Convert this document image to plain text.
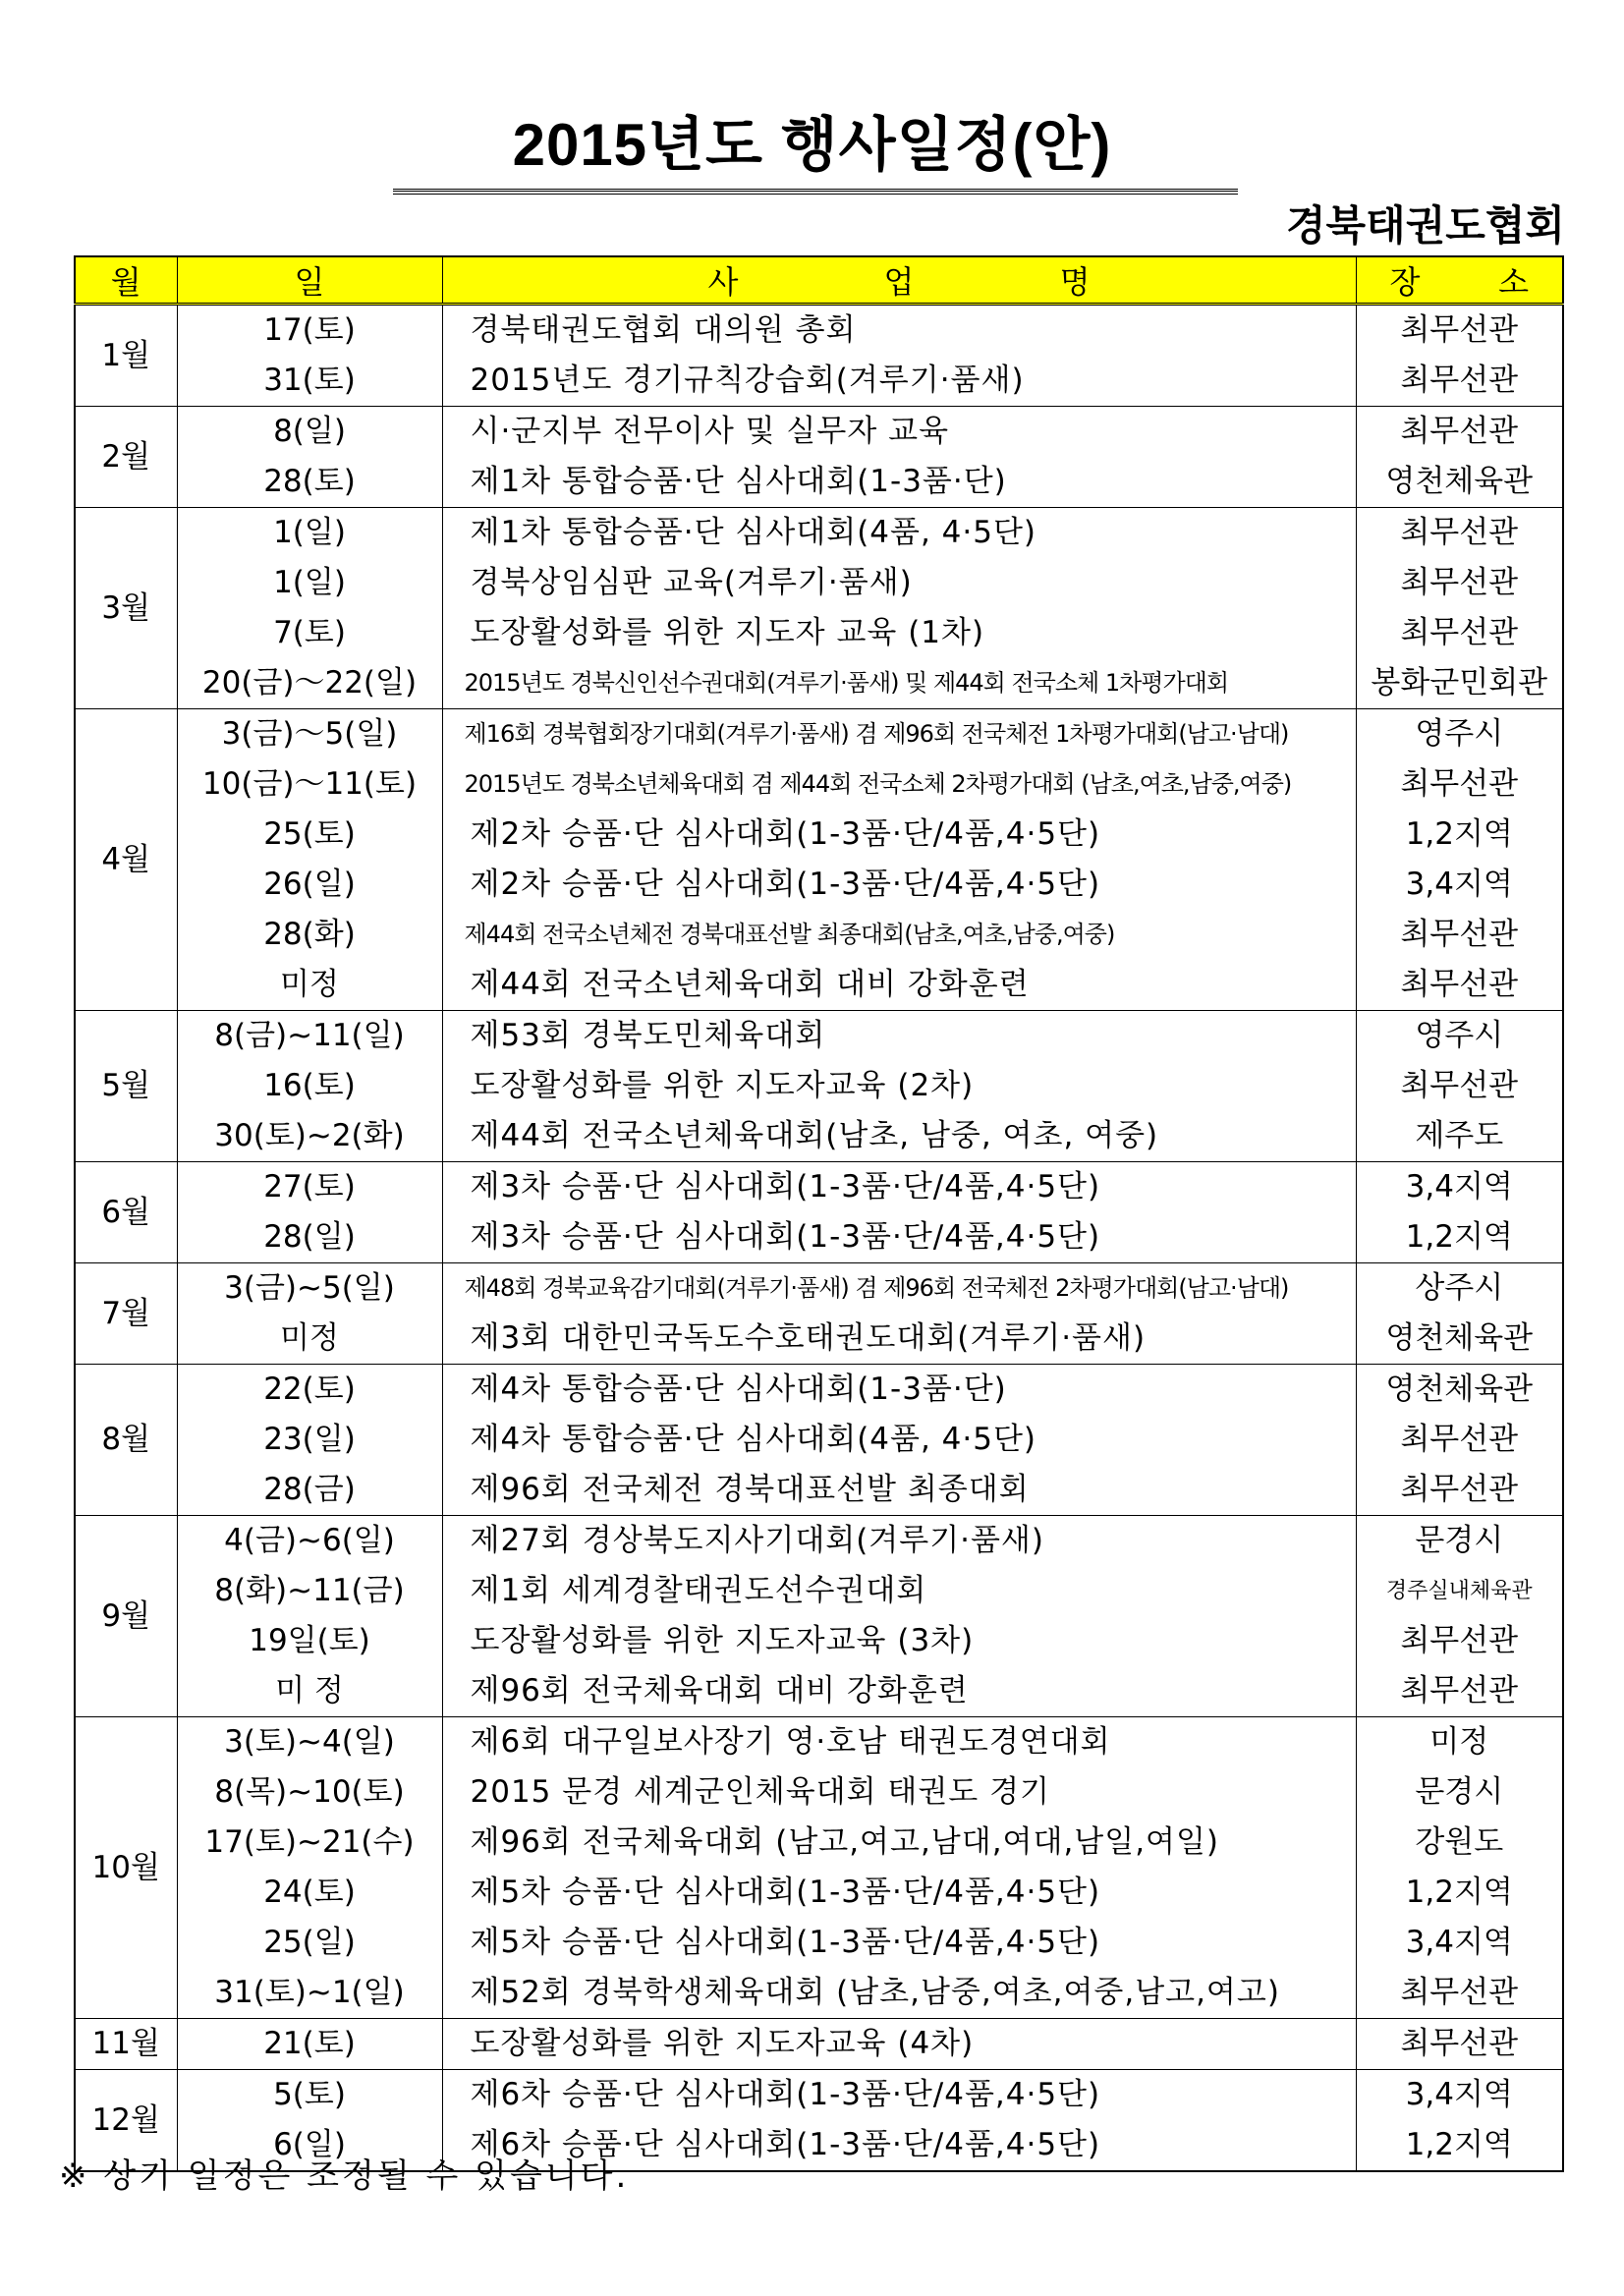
2015년도 행사일정(안)
경북태권도협회
월	일	사 업 명	장 소

1월	17(토)	경북태권도협회 대의원 총회	최무선관
	31(토)	2015년도 경기규칙강습회(겨루기·품새)	최무선관
2월	8(일)	시·군지부 전무이사 및 실무자 교육	최무선관
	28(토)	제1차 통합승품·단 심사대회(1-3품·단)	영천체육관
3월	1(일)	제1차 통합승품·단 심사대회(4품, 4·5단)	최무선관
	1(일)	경북상임심판 교육(겨루기·품새)	최무선관
	7(토)	도장활성화를 위한 지도자 교육 (1차)	최무선관
	20(금)～22(일)	2015년도 경북신인선수권대회(겨루기·품새) 및 제44회 전국소체 1차평가대회	봉화군민회관
4월	3(금)～5(일)	제16회 경북협회장기대회(겨루기·품새) 겸 제96회 전국체전 1차평가대회(남고·남대)	영주시
	10(금)～11(토)	2015년도 경북소년체육대회 겸 제44회 전국소체 2차평가대회 (남초,여초,남중,여중)	최무선관
	25(토)	제2차 승품·단 심사대회(1-3품·단/4품,4·5단)	1,2지역
	26(일)	제2차 승품·단 심사대회(1-3품·단/4품,4·5단)	3,4지역
	28(화)	제44회 전국소년체전 경북대표선발 최종대회(남초,여초,남중,여중)	최무선관
	미정	제44회 전국소년체육대회 대비 강화훈련	최무선관
5월	8(금)~11(일)	제53회 경북도민체육대회	영주시
	16(토)	도장활성화를 위한 지도자교육 (2차)	최무선관
	30(토)~2(화)	제44회 전국소년체육대회(남초, 남중, 여초, 여중)	제주도
6월	27(토)	제3차 승품·단 심사대회(1-3품·단/4품,4·5단)	3,4지역
	28(일)	제3차 승품·단 심사대회(1-3품·단/4품,4·5단)	1,2지역
7월	3(금)~5(일)	제48회 경북교육감기대회(겨루기·품새) 겸 제96회 전국체전 2차평가대회(남고·남대)	상주시
	미정	제3회 대한민국독도수호태권도대회(겨루기·품새)	영천체육관
8월	22(토)	제4차 통합승품·단 심사대회(1-3품·단)	영천체육관
	23(일)	제4차 통합승품·단 심사대회(4품, 4·5단)	최무선관
	28(금)	제96회 전국체전 경북대표선발 최종대회	최무선관
9월	4(금)~6(일)	제27회 경상북도지사기대회(겨루기·품새)	문경시
	8(화)~11(금)	제1회 세계경찰태권도선수권대회	경주실내체육관
	19일(토)	도장활성화를 위한 지도자교육 (3차)	최무선관
	미 정	제96회 전국체육대회 대비 강화훈련	최무선관
10월	3(토)~4(일)	제6회 대구일보사장기 영·호남 태권도경연대회	미정
	8(목)~10(토)	2015 문경 세계군인체육대회 태권도 경기	문경시
	17(토)~21(수)	제96회 전국체육대회 (남고,여고,남대,여대,남일,여일)	강원도
	24(토)	제5차 승품·단 심사대회(1-3품·단/4품,4·5단)	1,2지역
	25(일)	제5차 승품·단 심사대회(1-3품·단/4품,4·5단)	3,4지역
	31(토)~1(일)	제52회 경북학생체육대회 (남초,남중,여초,여중,남고,여고)	최무선관
11월	21(토)	도장활성화를 위한 지도자교육 (4차)	최무선관
12월	5(토)	제6차 승품·단 심사대회(1-3품·단/4품,4·5단)	3,4지역
	6(일)	제6차 승품·단 심사대회(1-3품·단/4품,4·5단)	1,2지역
※ 상기 일정은 조정될 수 있습니다.
